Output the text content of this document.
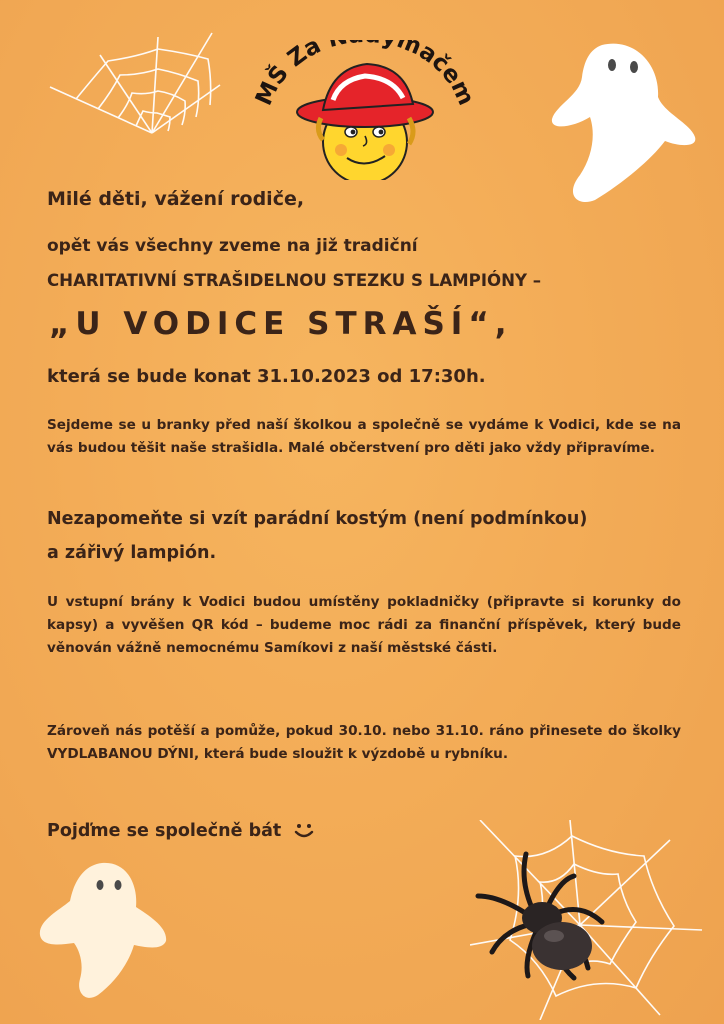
MŠ Za mačem

Milé děti, vážení rodiče,

opět vás všechny zveme na již tradiční

CHARITATIVNÍ STRAŠIDELNOU STEZKU S LAMPIÓNY –

„U VODICE STRAŠÍ“,

která se bude konat 31.10.2023 od 17:30h.

Sejdeme se u branky před naší školkou a společně se vydáme k Vodici, kde se na vás budou těšit naše strašidla. Malé občerstvení pro děti jako vždy připravíme.

Nezapomeňte si vzít parádní kostým (není podmínkou)

a zářivý lampión.

U vstupní brány k Vodici budou umístěny pokladničky (připravte si korunky do kapsy) a vyvěšen QR kód – budeme moc rádi za finanční příspěvek, který bude věnován vážně nemocnému Samíkovi z naší městské části.

Zároveň nás potěší a pomůže, pokud 30.10. nebo 31.10. ráno přinesete do školky VYDLABANOU DÝNI, která bude sloužit k výzdobě u rybníku.

Pojďme se společně bát
